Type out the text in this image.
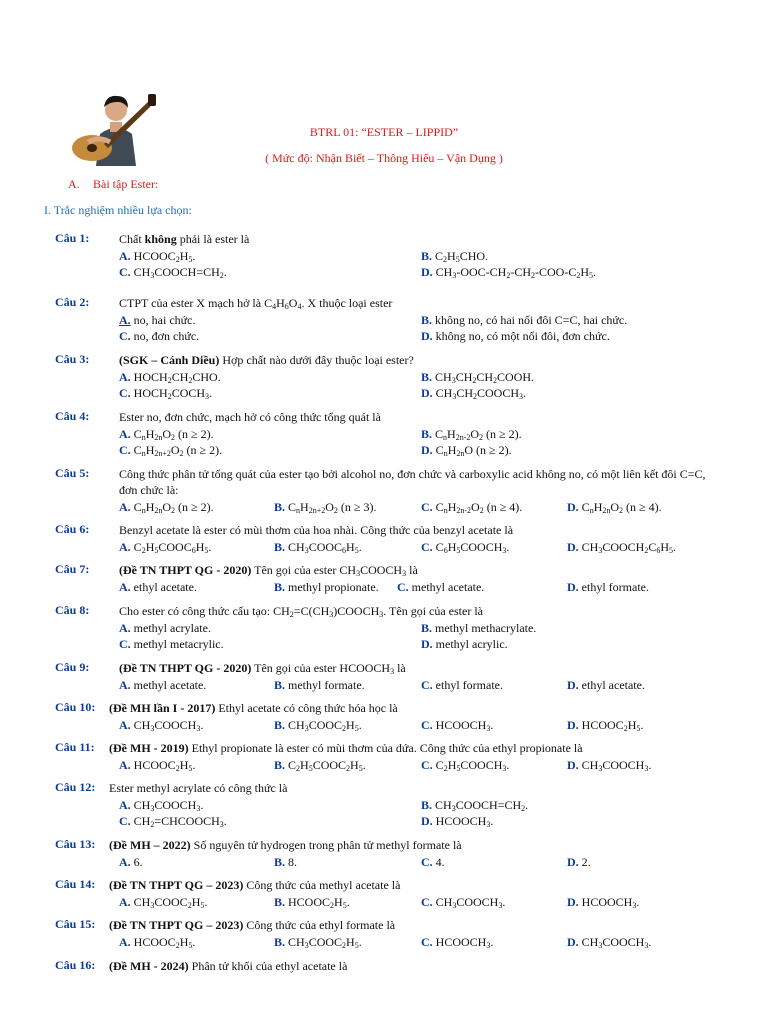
BTRL 01: “ESTER – LIPPID”
( Mức độ: Nhận Biết – Thông Hiểu – Vận Dụng )
A. Bài tập Ester:
I. Trắc nghiệm nhiều lựa chọn:
Câu 1: Chất không phải là ester là
A. $HCOOC_2H_5$.	B. $C_2H_5CHO$.
C. $CH_3COOCH=CH_2$.	D. $CH_3-OOC-CH_2-CH_2-COO-C_2H_5$.
Câu 2: CTPT của ester X mạch hở là $C_4H_6O_4$. X thuộc loại ester
A. no, hai chức.	B. không no, có hai nối đôi C=C, hai chức.
C. no, đơn chức.	D. không no, có một nối đôi, đơn chức.
Câu 3: (SGK – Cánh Diều) Hợp chất nào dưới đây thuộc loại ester?
A. $HOCH_2CH_2CHO$.	B. $CH_3CH_2CH_2COOH$.
C. $HOCH_2COCH_3$.	D. $CH_3CH_2COOCH_3$.
Câu 4: Ester no, đơn chức, mạch hở có công thức tổng quát là
A. $C_nH_{2n}O_2$ (n ≥ 2).	B. $C_nH_{2n-2}O_2$ (n ≥ 2).
C. $C_nH_{2n+2}O_2$ (n ≥ 2).	D. $C_nH_{2n}O$ (n ≥ 2).
Câu 5: Công thức phân tử tổng quát của ester tạo bởi alcohol no, đơn chức và carboxylic acid không no, có một liên kết đôi C=C, đơn chức là:
A. $C_nH_{2n}O_2$ (n ≥ 2).	B. $C_nH_{2n+2}O_2$ (n ≥ 3).	C. $C_nH_{2n-2}O_2$ (n ≥ 4).	D. $C_nH_{2n}O_2$ (n ≥ 4).
Câu 6: Benzyl acetate là ester có mùi thơm của hoa nhài. Công thức của benzyl acetate là
A. $C_2H_5COOC_6H_5$.	B. $CH_3COOC_6H_5$.	C. $C_6H_5COOCH_3$.	D. $CH_3COOCH_2C_6H_5$.
Câu 7: (Đề TN THPT QG - 2020) Tên gọi của ester $CH_3COOCH_3$ là
A. ethyl acetate.	B. methyl propionate. C. methyl acetate.	D. ethyl formate.
Câu 8: Cho ester có công thức cấu tạo: $CH_2=C(CH_3)COOCH_3$. Tên gọi của ester là
A. methyl acrylate.	B. methyl methacrylate.
C. methyl metacrylic.	D. methyl acrylic.
Câu 9: (Đề TN THPT QG - 2020) Tên gọi của ester $HCOOCH_3$ là
A. methyl acetate.	B. methyl formate.	C. ethyl formate.	D. ethyl acetate.
Câu 10: (Đề MH lần I - 2017) Ethyl acetate có công thức hóa học là
A. $CH_3COOCH_3$.	B. $CH_3COOC_2H_5$.	C. $HCOOCH_3$.	D. $HCOOC_2H_5$.
Câu 11: (Đề MH - 2019) Ethyl propionate là ester có mùi thơm của dứa. Công thức của ethyl propionate là
A. $HCOOC_2H_5$.	B. $C_2H_5COOC_2H_5$.	C. $C_2H_5COOCH_3$.	D. $CH_3COOCH_3$.
Câu 12: Ester methyl acrylate có công thức là
A. $CH_3COOCH_3$.	B. $CH_3COOCH=CH_2$.
C. $CH_2=CHCOOCH_3$.	D. $HCOOCH_3$.
Câu 13: (Đề MH – 2022) Số nguyên tử hydrogen trong phân tử methyl formate là
A. 6.	B. 8.	C. 4.	D. 2.
Câu 14: (Đề TN THPT QG – 2023) Công thức của methyl acetate là
A. $CH_3COOC_2H_5$.	B. $HCOOC_2H_5$.	C. $CH_3COOCH_3$.	D. $HCOOCH_3$.
Câu 15: (Đề TN THPT QG – 2023) Công thức của ethyl formate là
A. $HCOOC_2H_5$.	B. $CH_3COOC_2H_5$.	C. $HCOOCH_3$.	D. $CH_3COOCH_3$.
Câu 16: (Đề MH - 2024) Phân tử khối của ethyl acetate là
